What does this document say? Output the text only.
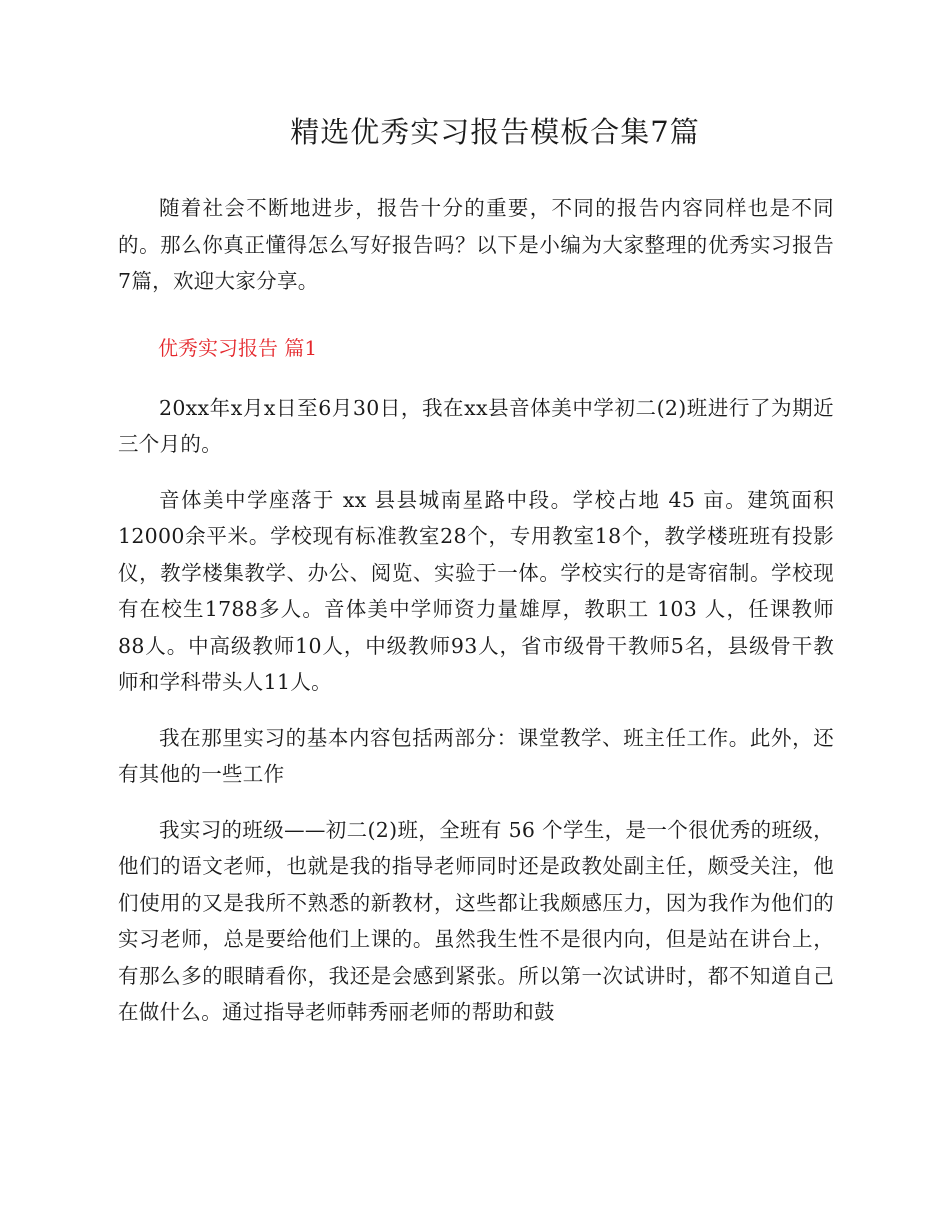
精选优秀实习报告模板合集7篇

随着社会不断地进步，报告十分的重要，不同的报告内容同样也是不同的。那么你真正懂得怎么写好报告吗？以下是小编为大家整理的优秀实习报告7篇，欢迎大家分享。

优秀实习报告 篇1

20xx年x月x日至6月30日，我在xx县音体美中学初二(2)班进行了为期近三个月的。

音体美中学座落于 xx 县县城南星路中段。学校占地 45 亩。建筑面积12000余平米。学校现有标准教室28个，专用教室18个，教学楼班班有投影仪，教学楼集教学、办公、阅览、实验于一体。学校实行的是寄宿制。学校现有在校生1788多人。音体美中学师资力量雄厚，教职工 103 人，任课教师88人。中高级教师10人，中级教师93人，省市级骨干教师5名，县级骨干教师和学科带头人11人。

我在那里实习的基本内容包括两部分：课堂教学、班主任工作。此外，还有其他的一些工作

我实习的班级——初二(2)班，全班有 56 个学生，是一个很优秀的班级，他们的语文老师，也就是我的指导老师同时还是政教处副主任，颇受关注，他们使用的又是我所不熟悉的新教材，这些都让我颇感压力，因为我作为他们的实习老师，总是要给他们上课的。虽然我生性不是很内向，但是站在讲台上，有那么多的眼睛看你，我还是会感到紧张。所以第一次试讲时，都不知道自己在做什么。通过指导老师韩秀丽老师的帮助和鼓
